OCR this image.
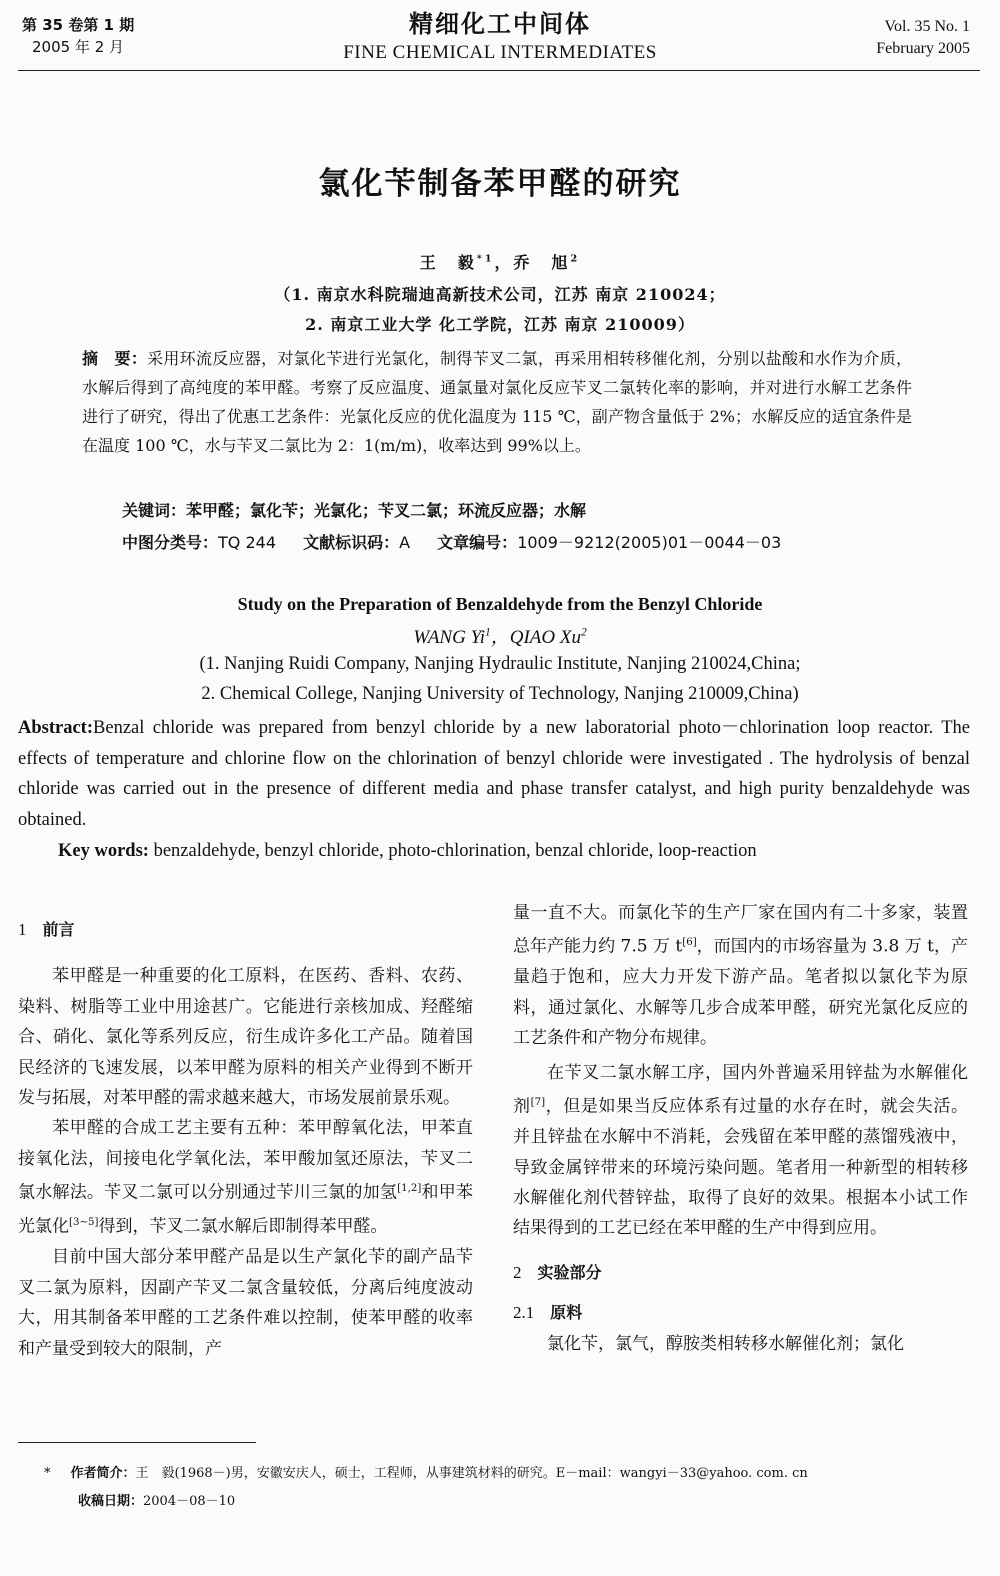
第 35 卷第 1 期
2005 年 2 月
精细化工中间体
FINE CHEMICAL INTERMEDIATES
Vol. 35 No. 1
February 2005
氯化苄制备苯甲醛的研究
王　毅$^{*1}$，乔　旭$^2$
（1. 南京水科院瑞迪高新技术公司，江苏 南京 210024；
2. 南京工业大学 化工学院，江苏 南京 210009）
摘　要：采用环流反应器，对氯化苄进行光氯化，制得苄叉二氯，再采用相转移催化剂，分别以盐酸和水作为介质，水解后得到了高纯度的苯甲醛。考察了反应温度、通氯量对氯化反应苄叉二氯转化率的影响，并对进行水解工艺条件进行了研究，得出了优惠工艺条件：光氯化反应的优化温度为 115 ℃，副产物含量低于 2%；水解反应的适宜条件是在温度 100 ℃，水与苄叉二氯比为 2：1(m/m)，收率达到 99%以上。
关键词：苯甲醛；氯化苄；光氯化；苄叉二氯；环流反应器；水解
中图分类号：TQ 244 文献标识码：A 文章编号：1009－9212(2005)01－0044－03
Study on the Preparation of Benzaldehyde from the Benzyl Chloride
WANG Yi$^1$，QIAO Xu$^2$
(1. Nanjing Ruidi Company, Nanjing Hydraulic Institute, Nanjing 210024,China;
2. Chemical College, Nanjing University of Technology, Nanjing 210009,China)
Abstract:Benzal chloride was prepared from benzyl chloride by a new laboratorial photo－chlorination loop reactor. The effects of temperature and chlorine flow on the chlorination of benzyl chloride were investigated . The hydrolysis of benzal chloride was carried out in the presence of different media and phase transfer catalyst, and high purity benzaldehyde was obtained.
Key words: benzaldehyde, benzyl chloride, photo-chlorination, benzal chloride, loop-reaction
1 前言

苯甲醛是一种重要的化工原料，在医药、香料、农药、染料、树脂等工业中用途甚广。它能进行亲核加成、羟醛缩合、硝化、氯化等系列反应，衍生成许多化工产品。随着国民经济的飞速发展，以苯甲醛为原料的相关产业得到不断开发与拓展，对苯甲醛的需求越来越大，市场发展前景乐观。

苯甲醛的合成工艺主要有五种：苯甲醇氧化法，甲苯直接氧化法，间接电化学氧化法，苯甲酸加氢还原法，苄叉二氯水解法。苄叉二氯可以分别通过苄川三氯的加氢[1,2]和甲苯光氯化[3~5]得到，苄叉二氯水解后即制得苯甲醛。

目前中国大部分苯甲醛产品是以生产氯化苄的副产品苄叉二氯为原料，因副产苄叉二氯含量较低，分离后纯度波动大，用其制备苯甲醛的工艺条件难以控制，使苯甲醛的收率和产量受到较大的限制，产

量一直不大。而氯化苄的生产厂家在国内有二十多家，装置总年产能力约 7.5 万 t[6]，而国内的市场容量为 3.8 万 t，产量趋于饱和，应大力开发下游产品。笔者拟以氯化苄为原料，通过氯化、水解等几步合成苯甲醛，研究光氯化反应的工艺条件和产物分布规律。

在苄叉二氯水解工序，国内外普遍采用锌盐为水解催化剂[7]，但是如果当反应体系有过量的水存在时，就会失活。并且锌盐在水解中不消耗，会残留在苯甲醛的蒸馏残液中，导致金属锌带来的环境污染问题。笔者用一种新型的相转移水解催化剂代替锌盐，取得了良好的效果。根据本小试工作结果得到的工艺已经在苯甲醛的生产中得到应用。

2 实验部分
2.1 原料

氯化苄，氯气，醇胺类相转移水解催化剂；氯化

* 作者简介：王　毅(1968－)男，安徽安庆人，硕士，工程师，从事建筑材料的研究。E－mail：wangyi－33@yahoo. com. cn
收稿日期：2004－08－10
